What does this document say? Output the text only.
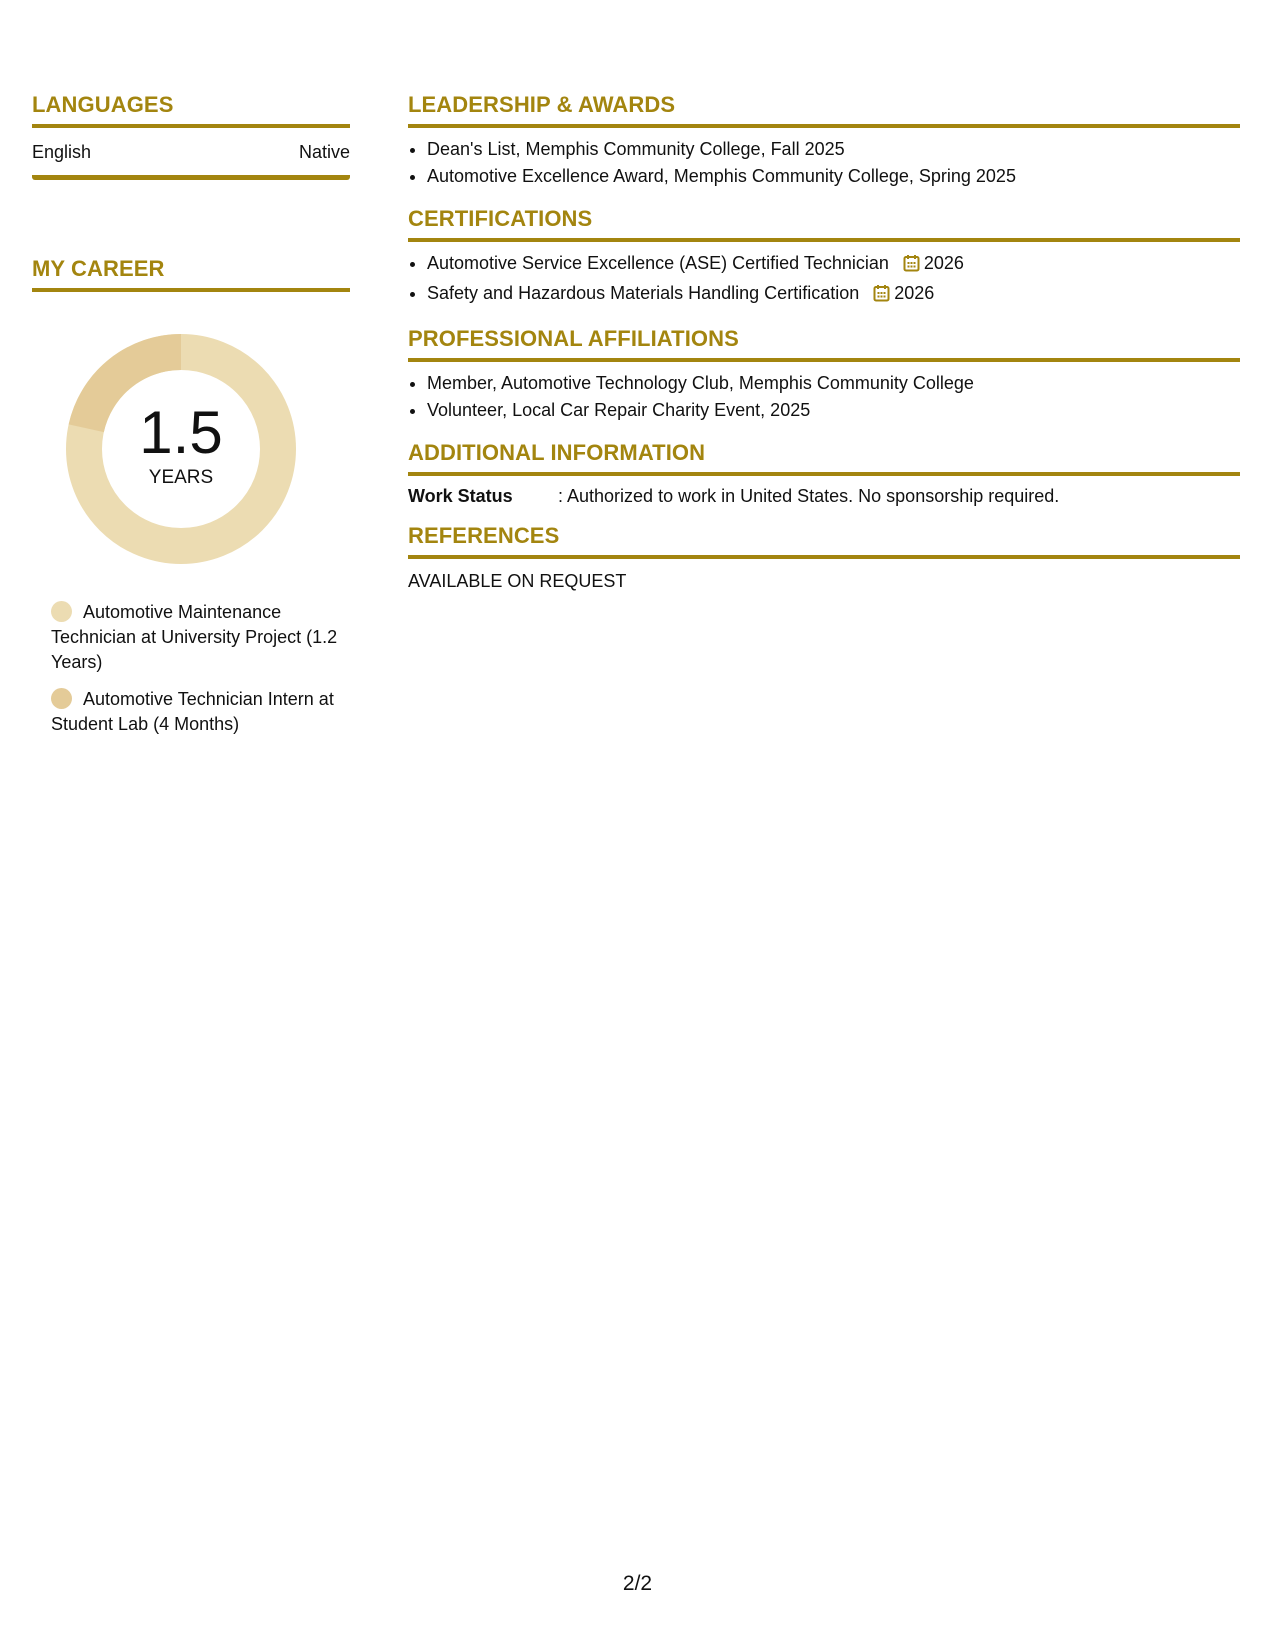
LANGUAGES
English	Native
MY CAREER
1.5
YEARS
Automotive Maintenance Technician at University Project (1.2 Years)
Automotive Technician Intern at Student Lab (4 Months)
LEADERSHIP & AWARDS
• Dean's List, Memphis Community College, Fall 2025
• Automotive Excellence Award, Memphis Community College, Spring 2025
CERTIFICATIONS
• Automotive Service Excellence (ASE) Certified Technician 2026
• Safety and Hazardous Materials Handling Certification 2026
PROFESSIONAL AFFILIATIONS
• Member, Automotive Technology Club, Memphis Community College
• Volunteer, Local Car Repair Charity Event, 2025
ADDITIONAL INFORMATION
Work Status	: Authorized to work in United States. No sponsorship required.
REFERENCES
AVAILABLE ON REQUEST
2/2
